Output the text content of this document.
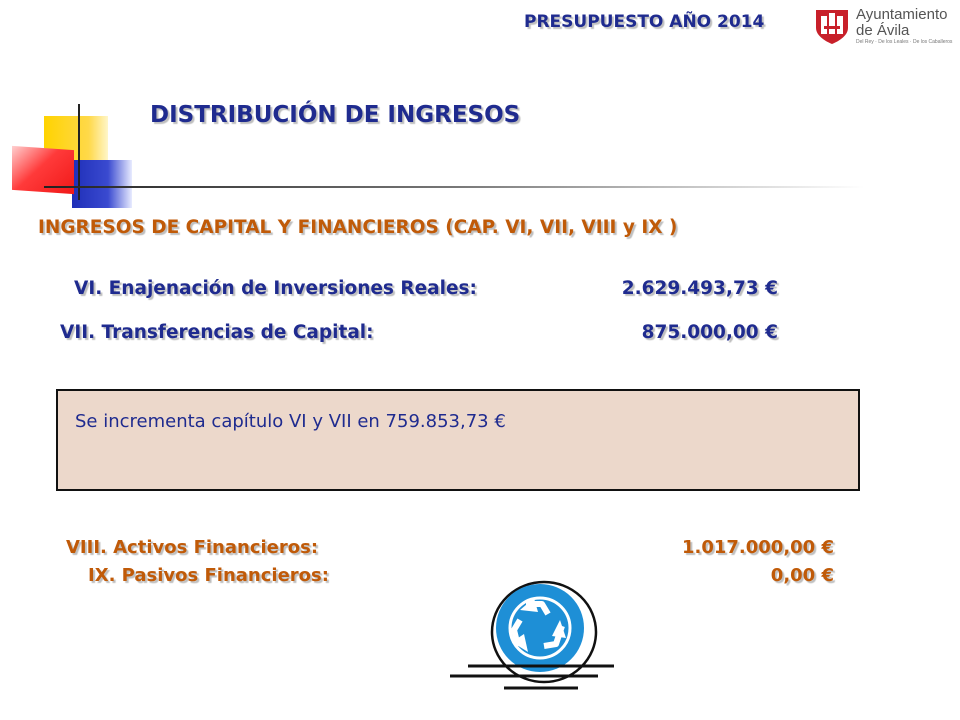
PRESUPUESTO AÑO 2014	Ayuntamiento
de Ávila
Del Rey · De los Leales · De los Caballeros
DISTRIBUCIÓN DE INGRESOS
INGRESOS DE CAPITAL Y FINANCIEROS (CAP. VI, VII, VIII y IX )
VI. Enajenación de Inversiones Reales:	2.629.493,73 €
VII. Transferencias de Capital:	875.000,00 €
Se incrementa capítulo VI y VII en 759.853,73 €
VIII. Activos Financieros:	1.017.000,00 €
IX. Pasivos Financieros:	0,00 €
